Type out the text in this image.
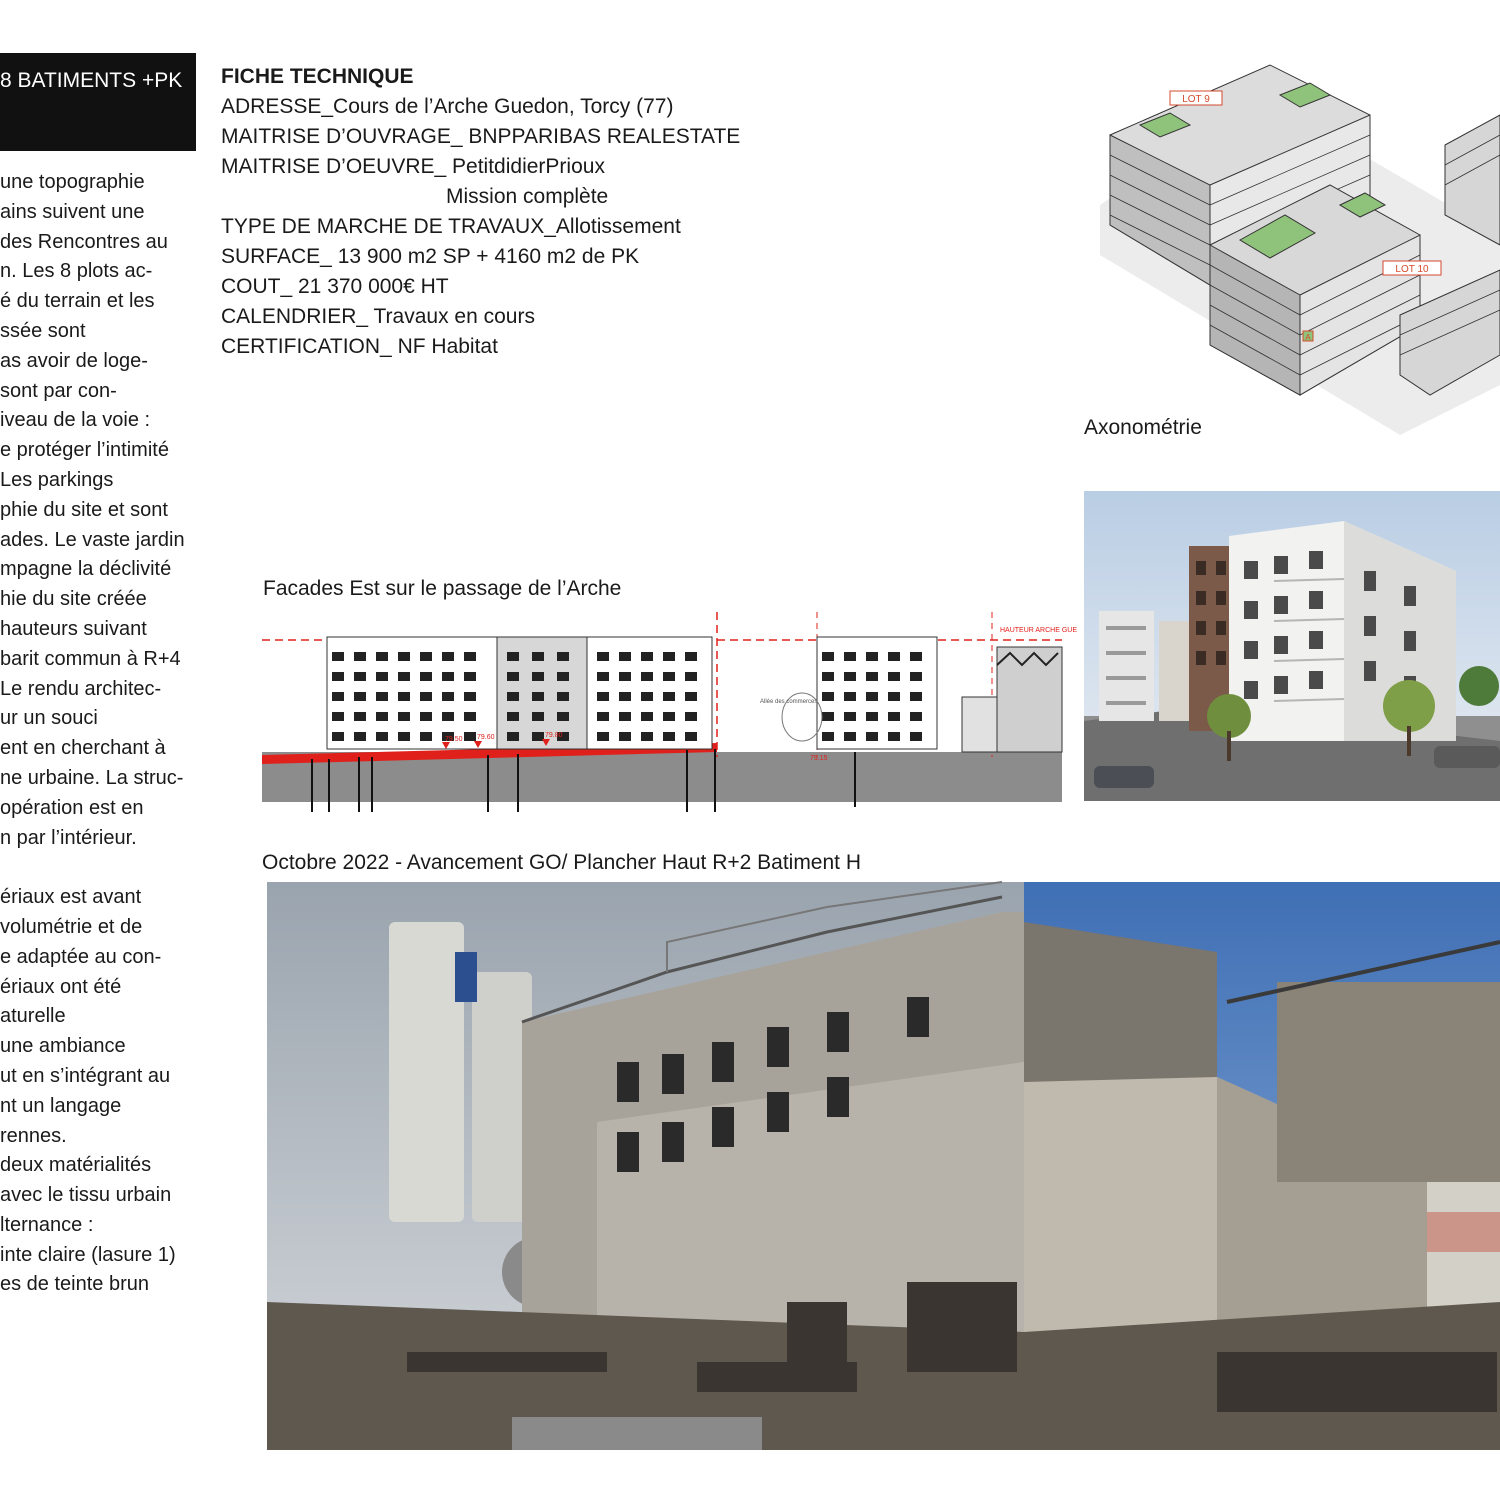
8 BATIMENTS +PK
une topographie
ains suivent une
des Rencontres au
n. Les 8 plots ac-
é du terrain et les
ssée sont
as avoir de loge-
sont par con-
iveau de la voie :
e protéger l’intimité
Les parkings
phie du site et sont
ades. Le vaste jardin
mpagne la déclivité
hie du site créée
hauteurs suivant
barit commun à R+4
Le rendu architec-
ur un souci
ent en cherchant à
ne urbaine. La struc-
opération est en
n par l’intérieur.
ériaux est avant
volumétrie et de
e adaptée au con-
ériaux ont été
aturelle
une ambiance
ut en s’intégrant au
nt un langage
rennes.
deux matérialités
avec le tissu urbain
lternance :
inte claire (lasure 1)
es de teinte brun
FICHE TECHNIQUE
ADRESSE_Cours de l’Arche Guedon, Torcy (77)
MAITRISE D’OUVRAGE_ BNPPARIBAS REALESTATE
MAITRISE D’OEUVRE_ PetitdidierPrioux
Mission complète
TYPE DE MARCHE DE TRAVAUX_Allotissement
SURFACE_ 13 900 m2 SP + 4160 m2 de PK
COUT_ 21 370 000€ HT
CALENDRIER_ Travaux en cours
CERTIFICATION_ NF Habitat
LOT 9
A
LOT 10
Axonométrie
Facades Est sur le passage de l’Arche
HAUTEUR ARCHE GUE
Allée des commerces
79.50 79.60	79.80
79.15
Octobre 2022 - Avancement GO/ Plancher Haut R+2 Batiment H
